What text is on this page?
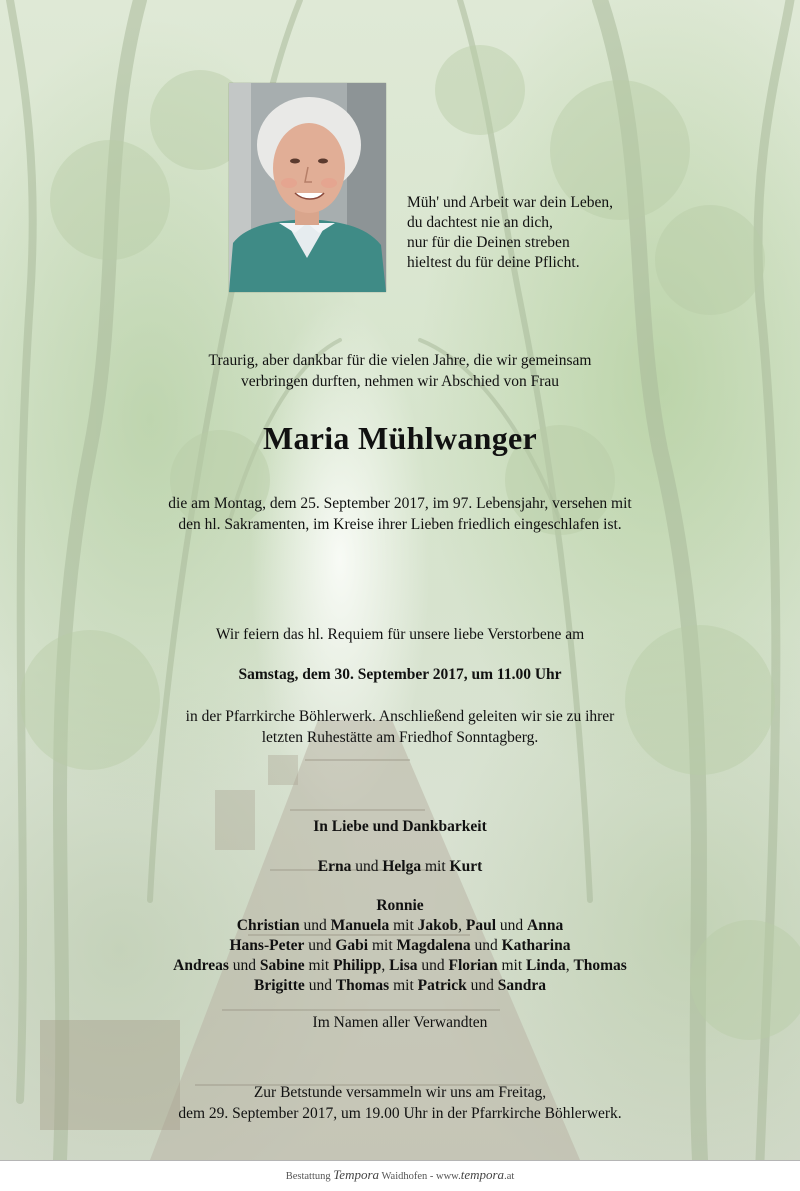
Müh' und Arbeit war dein Leben,
du dachtest nie an dich,
nur für die Deinen streben
hieltest du für deine Pflicht.
Traurig, aber dankbar für die vielen Jahre, die wir gemeinsam
verbringen durften, nehmen wir Abschied von Frau
Maria Mühlwanger
die am Montag, dem 25. September 2017, im 97. Lebensjahr, versehen mit
den hl. Sakramenten, im Kreise ihrer Lieben friedlich eingeschlafen ist.
Wir feiern das hl. Requiem für unsere liebe Verstorbene am
Samstag, dem 30. September 2017, um 11.00 Uhr
in der Pfarrkirche Böhlerwerk. Anschließend geleiten wir sie zu ihrer
letzten Ruhestätte am Friedhof Sonntagberg.
In Liebe und Dankbarkeit
Erna und Helga mit Kurt
Ronnie
Christian und Manuela mit Jakob, Paul und Anna
Hans-Peter und Gabi mit Magdalena und Katharina
Andreas und Sabine mit Philipp, Lisa und Florian mit Linda, Thomas
Brigitte und Thomas mit Patrick und Sandra
Im Namen aller Verwandten
Zur Betstunde versammeln wir uns am Freitag,
dem 29. September 2017, um 19.00 Uhr in der Pfarrkirche Böhlerwerk.
Bestattung Tempora Waidhofen - www.tempora.at
